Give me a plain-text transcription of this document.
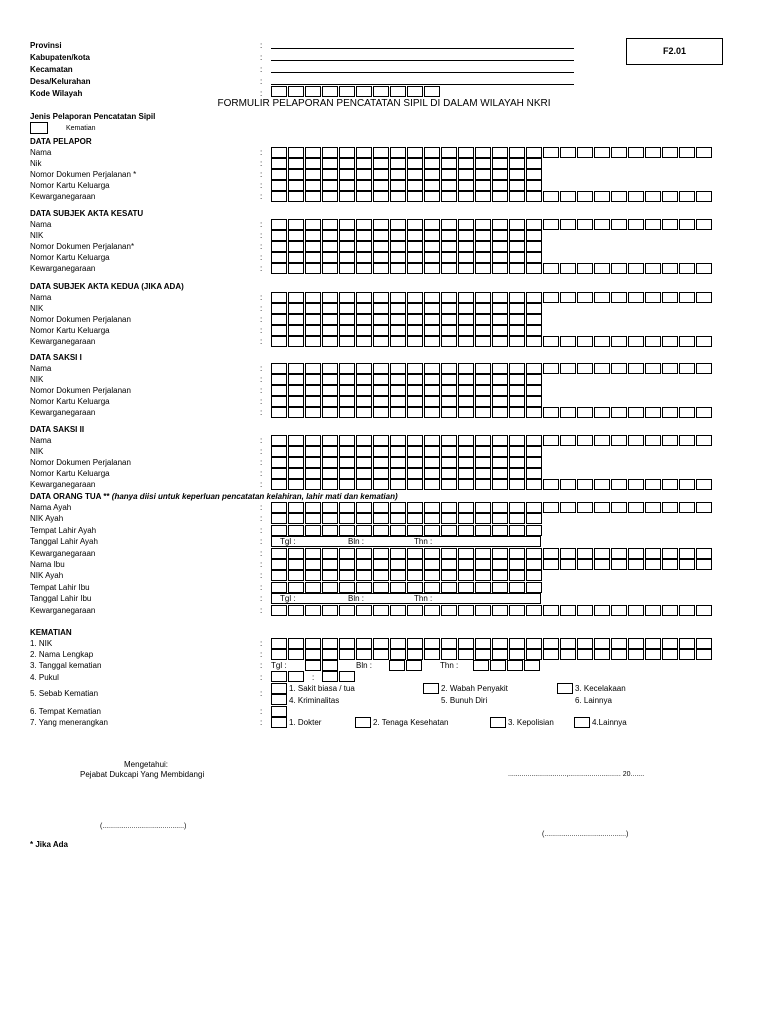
Provinsi	:
Kabupaten/kota	:
Kecamatan	:
Desa/Kelurahan	:
Kode Wilayah	:
F2.01
FORMULIR PELAPORAN PENCATATAN SIPIL DI DALAM WILAYAH NKRI
Jenis Pelaporan Pencatatan Sipil
Kematian
DATA PELAPOR
Nama	:
Nik	:
Nomor Dokumen Perjalanan *	:
Nomor Kartu Keluarga	:
Kewarganegaraan	:
DATA SUBJEK AKTA KESATU
Nama	:
NIK	:
Nomor Dokumen Perjalanan*	:
Nomor Kartu Keluarga	:
Kewarganegaraan	:
DATA SUBJEK AKTA KEDUA (JIKA ADA)
Nama	:
NIK	:
Nomor Dokumen Perjalanan	:
Nomor Kartu Keluarga	:
Kewarganegaraan	:
DATA SAKSI I
Nama	:
NIK	:
Nomor Dokumen Perjalanan	:
Nomor Kartu Keluarga	:
Kewarganegaraan	:
DATA SAKSI II
Nama	:
NIK	:
Nomor Dokumen Perjalanan	:
Nomor Kartu Keluarga	:
Kewarganegaraan	:
DATA ORANG TUA ** (hanya diisi untuk keperluan pencatatan kelahiran, lahir mati dan kematian)
Nama Ayah	:
NIK Ayah	:
Tempat Lahir Ayah	:
Tanggal Lahir Ayah	: Tgl :	Bln :	Thn :
Kewarganegaraan	:
Nama Ibu	:
NIK Ayah	:
Tempat Lahir Ibu	:
Tanggal Lahir Ibu	: Tgl :	Bln :	Thn :
Kewarganegaraan	:
KEMATIAN
1. NIK	:
2. Nama Lengkap	:
3. Tanggal kematian	:
4. Pukul	:
5. Sebab Kematian	:
6. Tempat Kematian	:
7. Yang menerangkan	:
Tgl :	Bln :	Thn :
:
1. Sakit biasa / tua
4. Kriminalitas
2. Wabah Penyakit
5. Bunuh Diri
3. Kecelakaan
6. Lainnya
1. Dokter	2. Tenaga Kesehatan	3. Kepolisian	4.Lainnya
Mengetahui:
Pejabat Dukcapi Yang Membidangi	..............................,........................... 20.......
(..........................................)
(..........................................)
* Jika Ada
